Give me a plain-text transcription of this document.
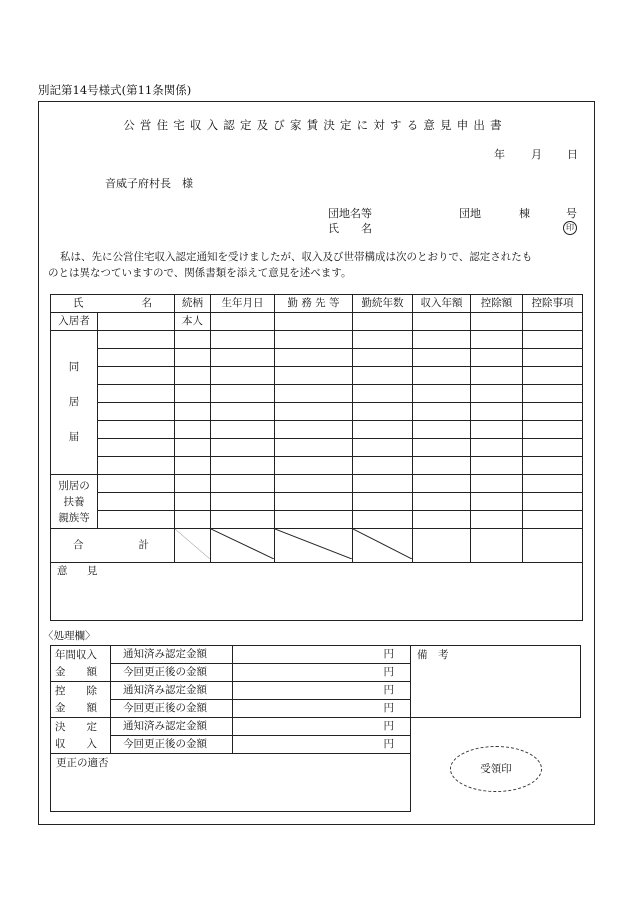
別記第14号様式(第11条関係)
公営住宅収入認定及び家賃決定に対する意見申出書
年 月 日
音威子府村長　様
団地名等	団地	棟	号
氏　　名	印
私は、先に公営住宅収入認定通知を受けましたが、収入及び世帯構成は次のとおりで、認定されたも
のとは異なつていますので、関係書類を添えて意見を述べます。
氏 名		続柄	生年月日	勤 務 先 等	勤続年数	収入年額	控除額	控除事項
入居者		本人						

同
居
届								

別居の
扶養
親族等								

合 計

意 見								
〈処理欄〉
年間収入
金　　額	通知済み認定金額	円
	今回更正後の金額	円

控　　除
金　　額	通知済み認定金額	円
	今回更正後の金額	円

決　　定
収　　入	通知済み認定金額	円
	今回更正後の金額	円
更正の適否		
備　考
受領印
